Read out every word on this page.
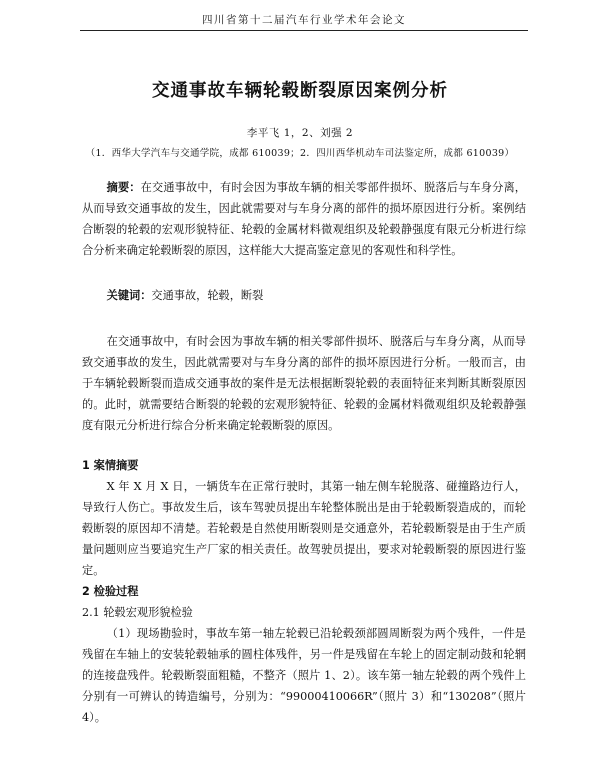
四川省第十二届汽车行业学术年会论文
交通事故车辆轮毂断裂原因案例分析
李平飞 1，2、刘强 2
（1．西华大学汽车与交通学院，成都 610039；2．四川西华机动车司法鉴定所，成都 610039）
摘要：在交通事故中，有时会因为事故车辆的相关零部件损坏、脱落后与车身分离，从而导致交通事故的发生，因此就需要对与车身分离的部件的损坏原因进行分析。案例结合断裂的轮毂的宏观形貌特征、轮毂的金属材料微观组织及轮毂静强度有限元分析进行综合分析来确定轮毂断裂的原因，这样能大大提高鉴定意见的客观性和科学性。
关键词：交通事故，轮毂，断裂
在交通事故中，有时会因为事故车辆的相关零部件损坏、脱落后与车身分离，从而导致交通事故的发生，因此就需要对与车身分离的部件的损坏原因进行分析。一般而言，由于车辆轮毂断裂而造成交通事故的案件是无法根据断裂轮毂的表面特征来判断其断裂原因的。此时，就需要结合断裂的轮毂的宏观形貌特征、轮毂的金属材料微观组织及轮毂静强度有限元分析进行综合分析来确定轮毂断裂的原因。
1 案情摘要
X 年 X 月 X 日，一辆货车在正常行驶时，其第一轴左侧车轮脱落、碰撞路边行人，导致行人伤亡。事故发生后，该车驾驶员提出车轮整体脱出是由于轮毂断裂造成的，而轮毂断裂的原因却不清楚。若轮毂是自然使用断裂则是交通意外，若轮毂断裂是由于生产质量问题则应当要追究生产厂家的相关责任。故驾驶员提出，要求对轮毂断裂的原因进行鉴定。
2 检验过程
2.1 轮毂宏观形貌检验
（1）现场勘验时，事故车第一轴左轮毂已沿轮毂颈部圆周断裂为两个残件，一件是残留在车轴上的安装轮毂轴承的圆柱体残件，另一件是残留在车轮上的固定制动鼓和轮辋的连接盘残件。轮毂断裂面粗糙，不整齐（照片 1、2）。该车第一轴左轮毂的两个残件上分别有一可辨认的铸造编号，分别为：“99000410066R”（照片 3）和“130208”（照片 4）。
